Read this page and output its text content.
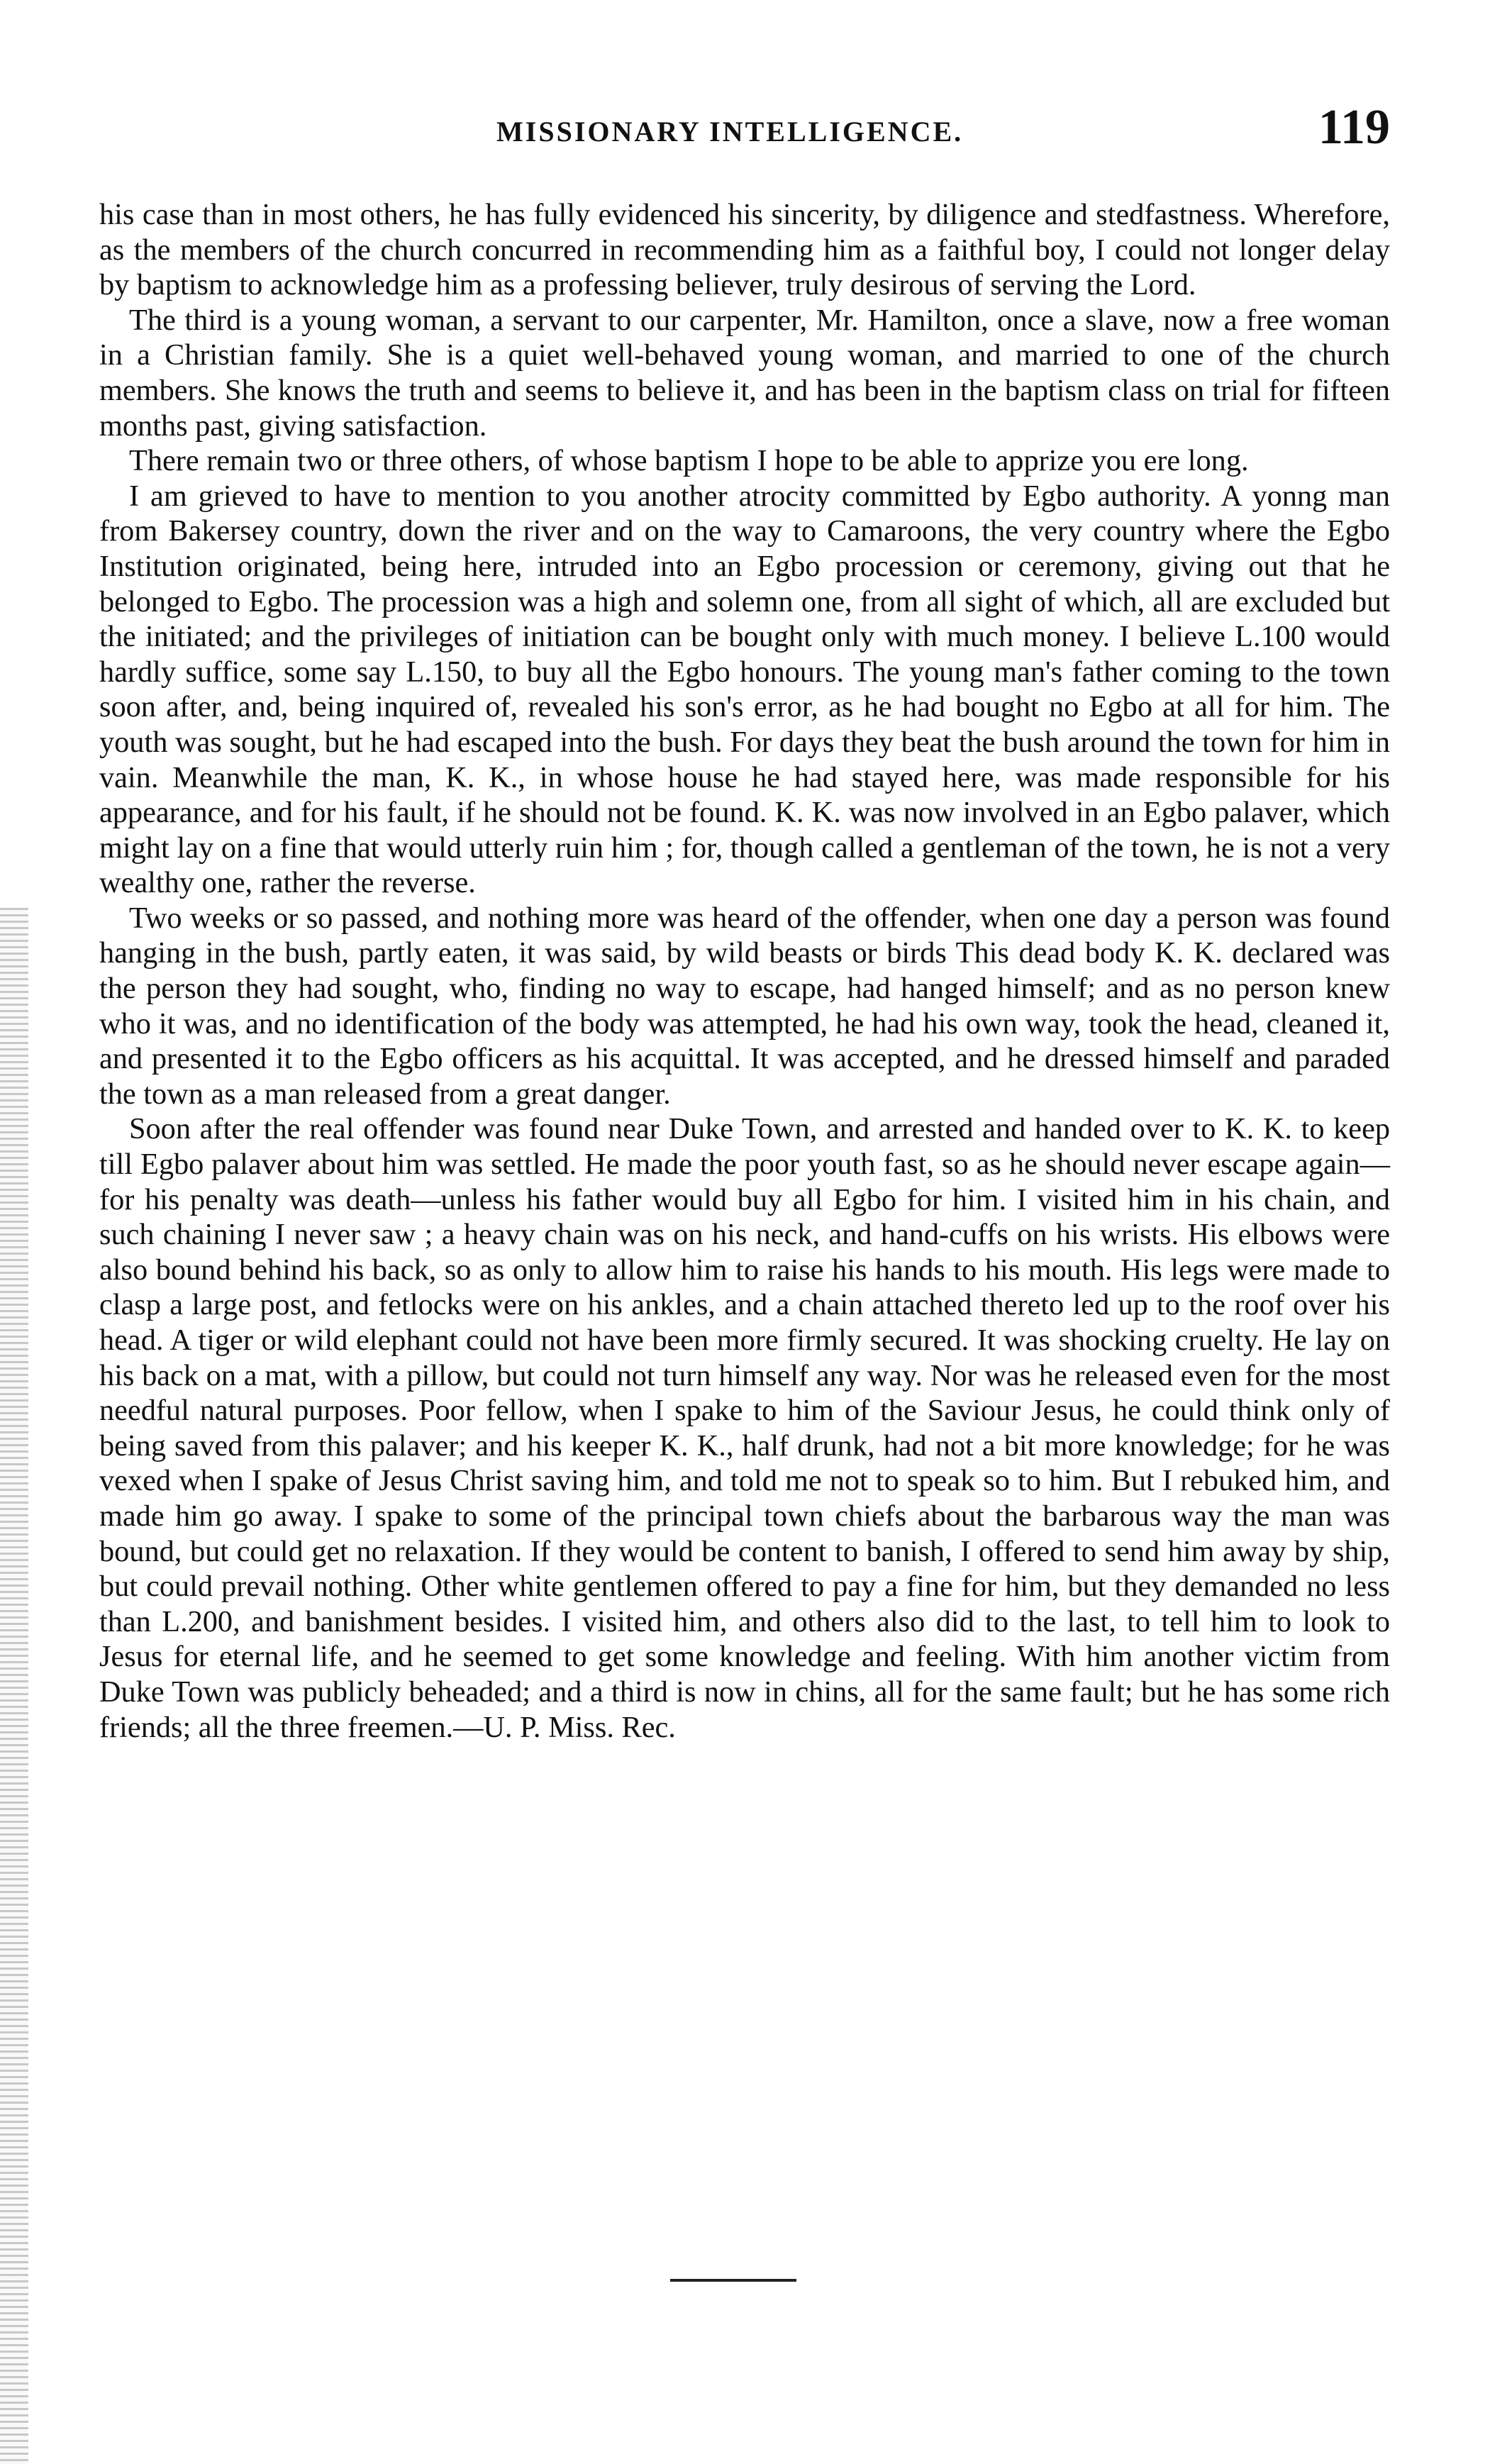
MISSIONARY INTELLIGENCE.	119

his case than in most others, he has fully evidenced his sincerity, by diligence and stedfastness. Wherefore, as the members of the church concurred in recommending him as a faithful boy, I could not longer delay by baptism to acknowledge him as a professing believer, truly desirous of serving the Lord.

The third is a young woman, a servant to our carpenter, Mr. Hamilton, once a slave, now a free woman in a Christian family. She is a quiet well-behaved young woman, and married to one of the church members. She knows the truth and seems to believe it, and has been in the baptism class on trial for fifteen months past, giving satisfaction.

There remain two or three others, of whose baptism I hope to be able to apprize you ere long.

I am grieved to have to mention to you another atrocity committed by Egbo authority. A yonng man from Bakersey country, down the river and on the way to Camaroons, the very country where the Egbo Institution originated, being here, intruded into an Egbo procession or ceremony, giving out that he belonged to Egbo. The procession was a high and solemn one, from all sight of which, all are excluded but the initiated; and the privileges of initiation can be bought only with much money. I believe L.100 would hardly suffice, some say L.150, to buy all the Egbo honours. The young man's father coming to the town soon after, and, being inquired of, revealed his son's error, as he had bought no Egbo at all for him. The youth was sought, but he had escaped into the bush. For days they beat the bush around the town for him in vain. Meanwhile the man, K. K., in whose house he had stayed here, was made responsible for his appearance, and for his fault, if he should not be found. K. K. was now involved in an Egbo palaver, which might lay on a fine that would utterly ruin him ; for, though called a gentleman of the town, he is not a very wealthy one, rather the reverse.

Two weeks or so passed, and nothing more was heard of the offender, when one day a person was found hanging in the bush, partly eaten, it was said, by wild beasts or birds This dead body K. K. declared was the person they had sought, who, finding no way to escape, had hanged himself; and as no person knew who it was, and no identification of the body was attempted, he had his own way, took the head, cleaned it, and presented it to the Egbo officers as his acquittal. It was accepted, and he dressed himself and paraded the town as a man released from a great danger.

Soon after the real offender was found near Duke Town, and arrested and handed over to K. K. to keep till Egbo palaver about him was settled. He made the poor youth fast, so as he should never escape again—for his penalty was death—unless his father would buy all Egbo for him. I visited him in his chain, and such chaining I never saw ; a heavy chain was on his neck, and hand-cuffs on his wrists. His elbows were also bound behind his back, so as only to allow him to raise his hands to his mouth. His legs were made to clasp a large post, and fetlocks were on his ankles, and a chain attached thereto led up to the roof over his head. A tiger or wild elephant could not have been more firmly secured. It was shocking cruelty. He lay on his back on a mat, with a pillow, but could not turn himself any way. Nor was he released even for the most needful natural purposes. Poor fellow, when I spake to him of the Saviour Jesus, he could think only of being saved from this palaver; and his keeper K. K., half drunk, had not a bit more knowledge; for he was vexed when I spake of Jesus Christ saving him, and told me not to speak so to him. But I rebuked him, and made him go away. I spake to some of the principal town chiefs about the barbarous way the man was bound, but could get no relaxation. If they would be content to banish, I offered to send him away by ship, but could prevail nothing. Other white gentlemen offered to pay a fine for him, but they demanded no less than L.200, and banishment besides. I visited him, and others also did to the last, to tell him to look to Jesus for eternal life, and he seemed to get some knowledge and feeling. With him another victim from Duke Town was publicly beheaded; and a third is now in chins, all for the same fault; but he has some rich friends; all the three freemen.—U. P. Miss. Rec.
